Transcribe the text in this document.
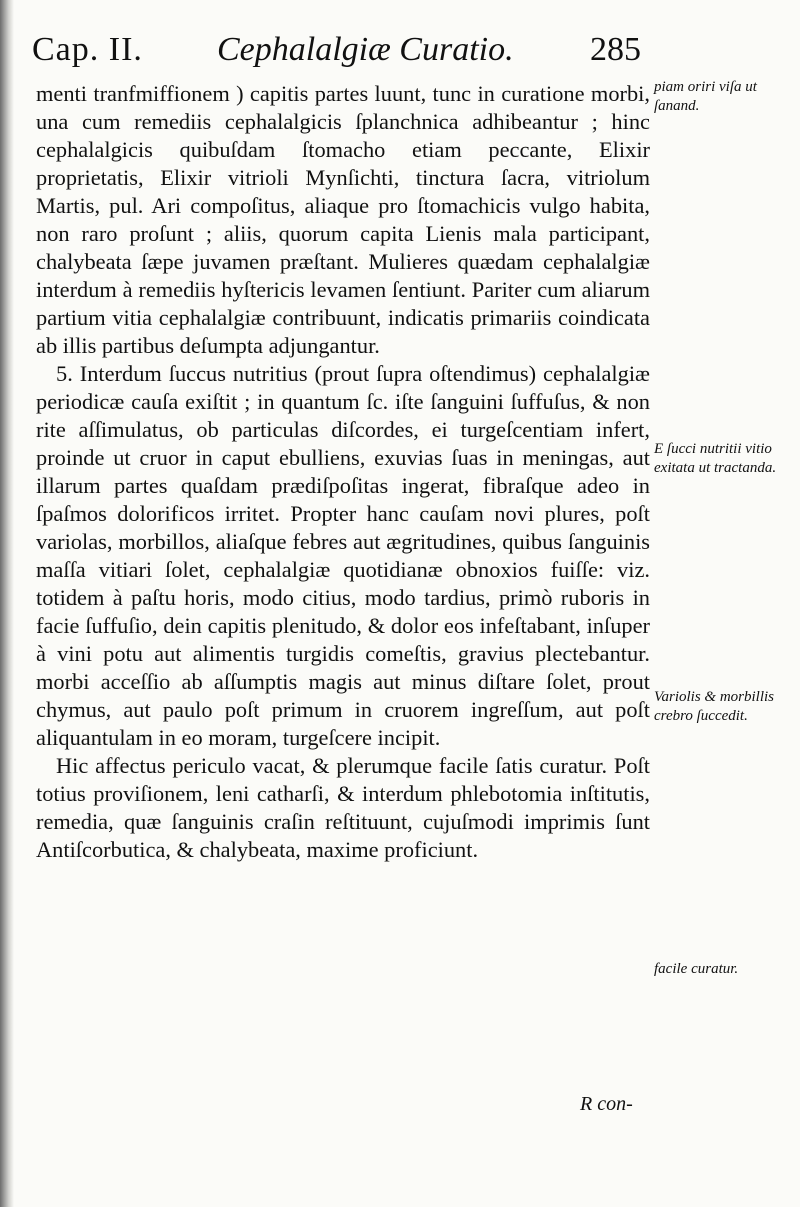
Cap. II. Cephalalgiæ Curatio. 285

menti tranfmiffionem ) capitis partes luunt, tunc in curatione morbi, una cum remediis cephalalgicis ſplanchnica adhibeantur ; hinc cephalalgicis quibuſdam ſtomacho etiam peccante, Elixir proprietatis, Elixir vitrioli Mynſichti, tinctura ſacra, vitriolum Martis, pul. Ari compoſitus, aliaque pro ſtomachicis vulgo habita, non raro proſunt ; aliis, quorum capita Lienis mala participant, chalybeata ſæpe juvamen præſtant. Mulieres quædam cephalalgiæ interdum à remediis hyſtericis levamen ſentiunt. Pariter cum aliarum partium vitia cephalalgiæ contribuunt, indicatis primariis coindicata ab illis partibus deſumpta adjungantur.

5. Interdum ſuccus nutritius (prout ſupra oſtendimus) cephalalgiæ periodicæ cauſa exiſtit ; in quantum ſc. iſte ſanguini ſuffuſus, & non rite aſſimulatus, ob particulas diſcordes, ei turgeſcentiam infert, proinde ut cruor in caput ebulliens, exuvias ſuas in meningas, aut illarum partes quaſdam prædiſpoſitas ingerat, fibraſque adeo in ſpaſmos dolorificos irritet. Propter hanc cauſam novi plures, poſt variolas, morbillos, aliaſque febres aut ægritudines, quibus ſanguinis maſſa vitiari ſolet, cephalalgiæ quotidianæ obnoxios fuiſſe: viz. totidem à paſtu horis, modo citius, modo tardius, primò ruboris in facie ſuffuſio, dein capitis plenitudo, & dolor eos infeſtabant, inſuper à vini potu aut alimentis turgidis comeſtis, gravius plectebantur. morbi acceſſio ab aſſumptis magis aut minus diſtare ſolet, prout chymus, aut paulo poſt primum in cruorem ingreſſum, aut poſt aliquantulam in eo moram, turgeſcere incipit.

Hic affectus periculo vacat, & plerumque facile ſatis curatur. Poſt totius proviſionem, leni catharſi, & interdum phlebotomia inſtitutis, remedia, quæ ſanguinis craſin reſtituunt, cujuſmodi imprimis ſunt Antiſcorbutica, & chalybeata, maxime proficiunt.

piam oriri viſa ut ſanand.
E ſucci nutritii vitio exitata ut tractanda.
Variolis & morbillis crebro ſuccedit.
facile curatur.
R con-
